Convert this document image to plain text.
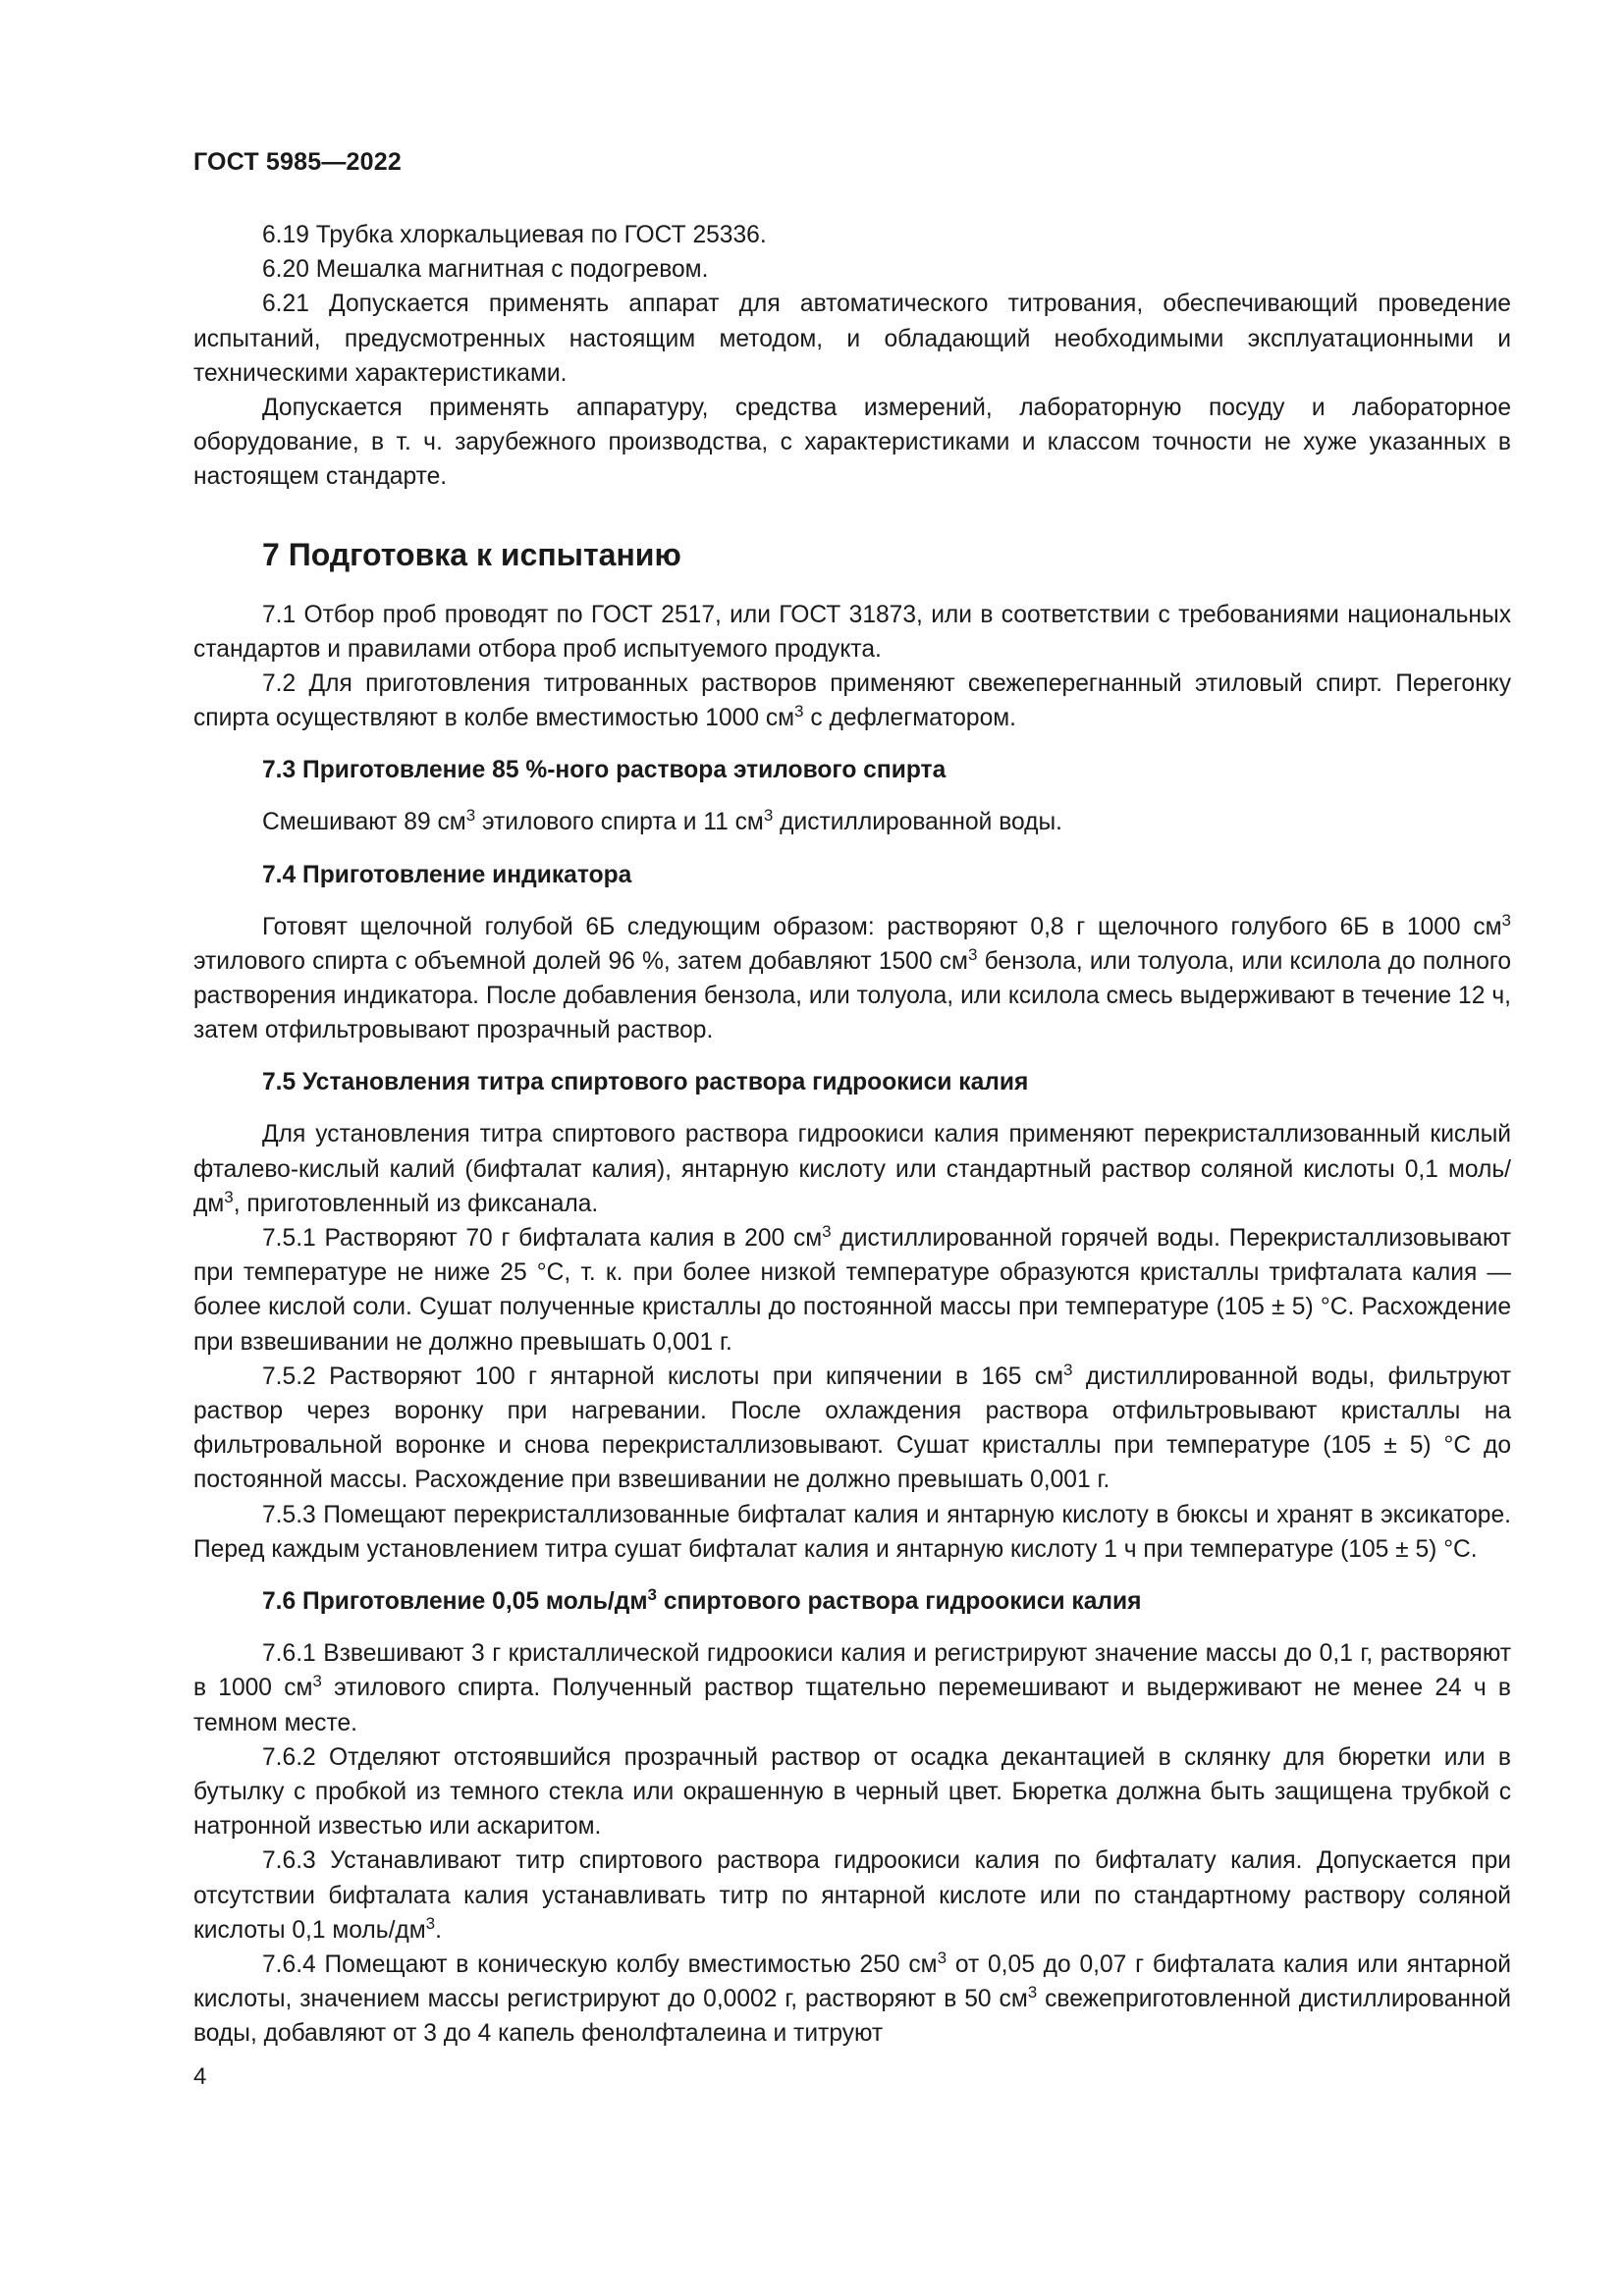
ГОСТ 5985—2022

6.19 Трубка хлоркальциевая по ГОСТ 25336.

6.20 Мешалка магнитная с подогревом.

6.21 Допускается применять аппарат для автоматического титрования, обеспечивающий проведение испытаний, предусмотренных настоящим методом, и обладающий необходимыми эксплуатационными и техническими характеристиками.

Допускается применять аппаратуру, средства измерений, лабораторную посуду и лабораторное оборудование, в т. ч. зарубежного производства, с характеристиками и классом точности не хуже указанных в настоящем стандарте.

7 Подготовка к испытанию

7.1 Отбор проб проводят по ГОСТ 2517, или ГОСТ 31873, или в соответствии с требованиями национальных стандартов и правилами отбора проб испытуемого продукта.

7.2 Для приготовления титрованных растворов применяют свежеперегнанный этиловый спирт. Перегонку спирта осуществляют в колбе вместимостью 1000 $см^3$ с дефлегматором.

7.3 Приготовление 85 %-ного раствора этилового спирта

Смешивают 89 $см^3$ этилового спирта и 11 $см^3$ дистиллированной воды.

7.4 Приготовление индикатора

Готовят щелочной голубой 6Б следующим образом: растворяют 0,8 г щелочного голубого 6Б в 1000 $см^3$ этилового спирта с объемной долей 96 %, затем добавляют 1500 $см^3$ бензола, или толуола, или ксилола до полного растворения индикатора. После добавления бензола, или толуола, или ксилола смесь выдерживают в течение 12 ч, затем отфильтровывают прозрачный раствор.

7.5 Установления титра спиртового раствора гидроокиси калия

Для установления титра спиртового раствора гидроокиси калия применяют перекристаллизованный кислый фталево-кислый калий (бифталат калия), янтарную кислоту или стандартный раствор соляной кислоты 0,1 моль/$дм^3$, приготовленный из фиксанала.

7.5.1 Растворяют 70 г бифталата калия в 200 $см^3$ дистиллированной горячей воды. Перекристаллизовывают при температуре не ниже 25 °С, т. к. при более низкой температуре образуются кристаллы трифталата калия — более кислой соли. Сушат полученные кристаллы до постоянной массы при температуре (105 ± 5) °С. Расхождение при взвешивании не должно превышать 0,001 г.

7.5.2 Растворяют 100 г янтарной кислоты при кипячении в 165 $см^3$ дистиллированной воды, фильтруют раствор через воронку при нагревании. После охлаждения раствора отфильтровывают кристаллы на фильтровальной воронке и снова перекристаллизовывают. Сушат кристаллы при температуре (105 ± 5) °С до постоянной массы. Расхождение при взвешивании не должно превышать 0,001 г.

7.5.3 Помещают перекристаллизованные бифталат калия и янтарную кислоту в бюксы и хранят в эксикаторе. Перед каждым установлением титра сушат бифталат калия и янтарную кислоту 1 ч при температуре (105 ± 5) °С.

7.6 Приготовление 0,05 моль/$дм^3$ спиртового раствора гидроокиси калия

7.6.1 Взвешивают 3 г кристаллической гидроокиси калия и регистрируют значение массы до 0,1 г, растворяют в 1000 $см^3$ этилового спирта. Полученный раствор тщательно перемешивают и выдерживают не менее 24 ч в темном месте.

7.6.2 Отделяют отстоявшийся прозрачный раствор от осадка декантацией в склянку для бюретки или в бутылку с пробкой из темного стекла или окрашенную в черный цвет. Бюретка должна быть защищена трубкой с натронной известью или аскаритом.

7.6.3 Устанавливают титр спиртового раствора гидроокиси калия по бифталату калия. Допускается при отсутствии бифталата калия устанавливать титр по янтарной кислоте или по стандартному раствору соляной кислоты 0,1 моль/$дм^3$.

7.6.4 Помещают в коническую колбу вместимостью 250 $см^3$ от 0,05 до 0,07 г бифталата калия или янтарной кислоты, значением массы регистрируют до 0,0002 г, растворяют в 50 $см^3$ свежеприготовленной дистиллированной воды, добавляют от 3 до 4 капель фенолфталеина и титруют

4
